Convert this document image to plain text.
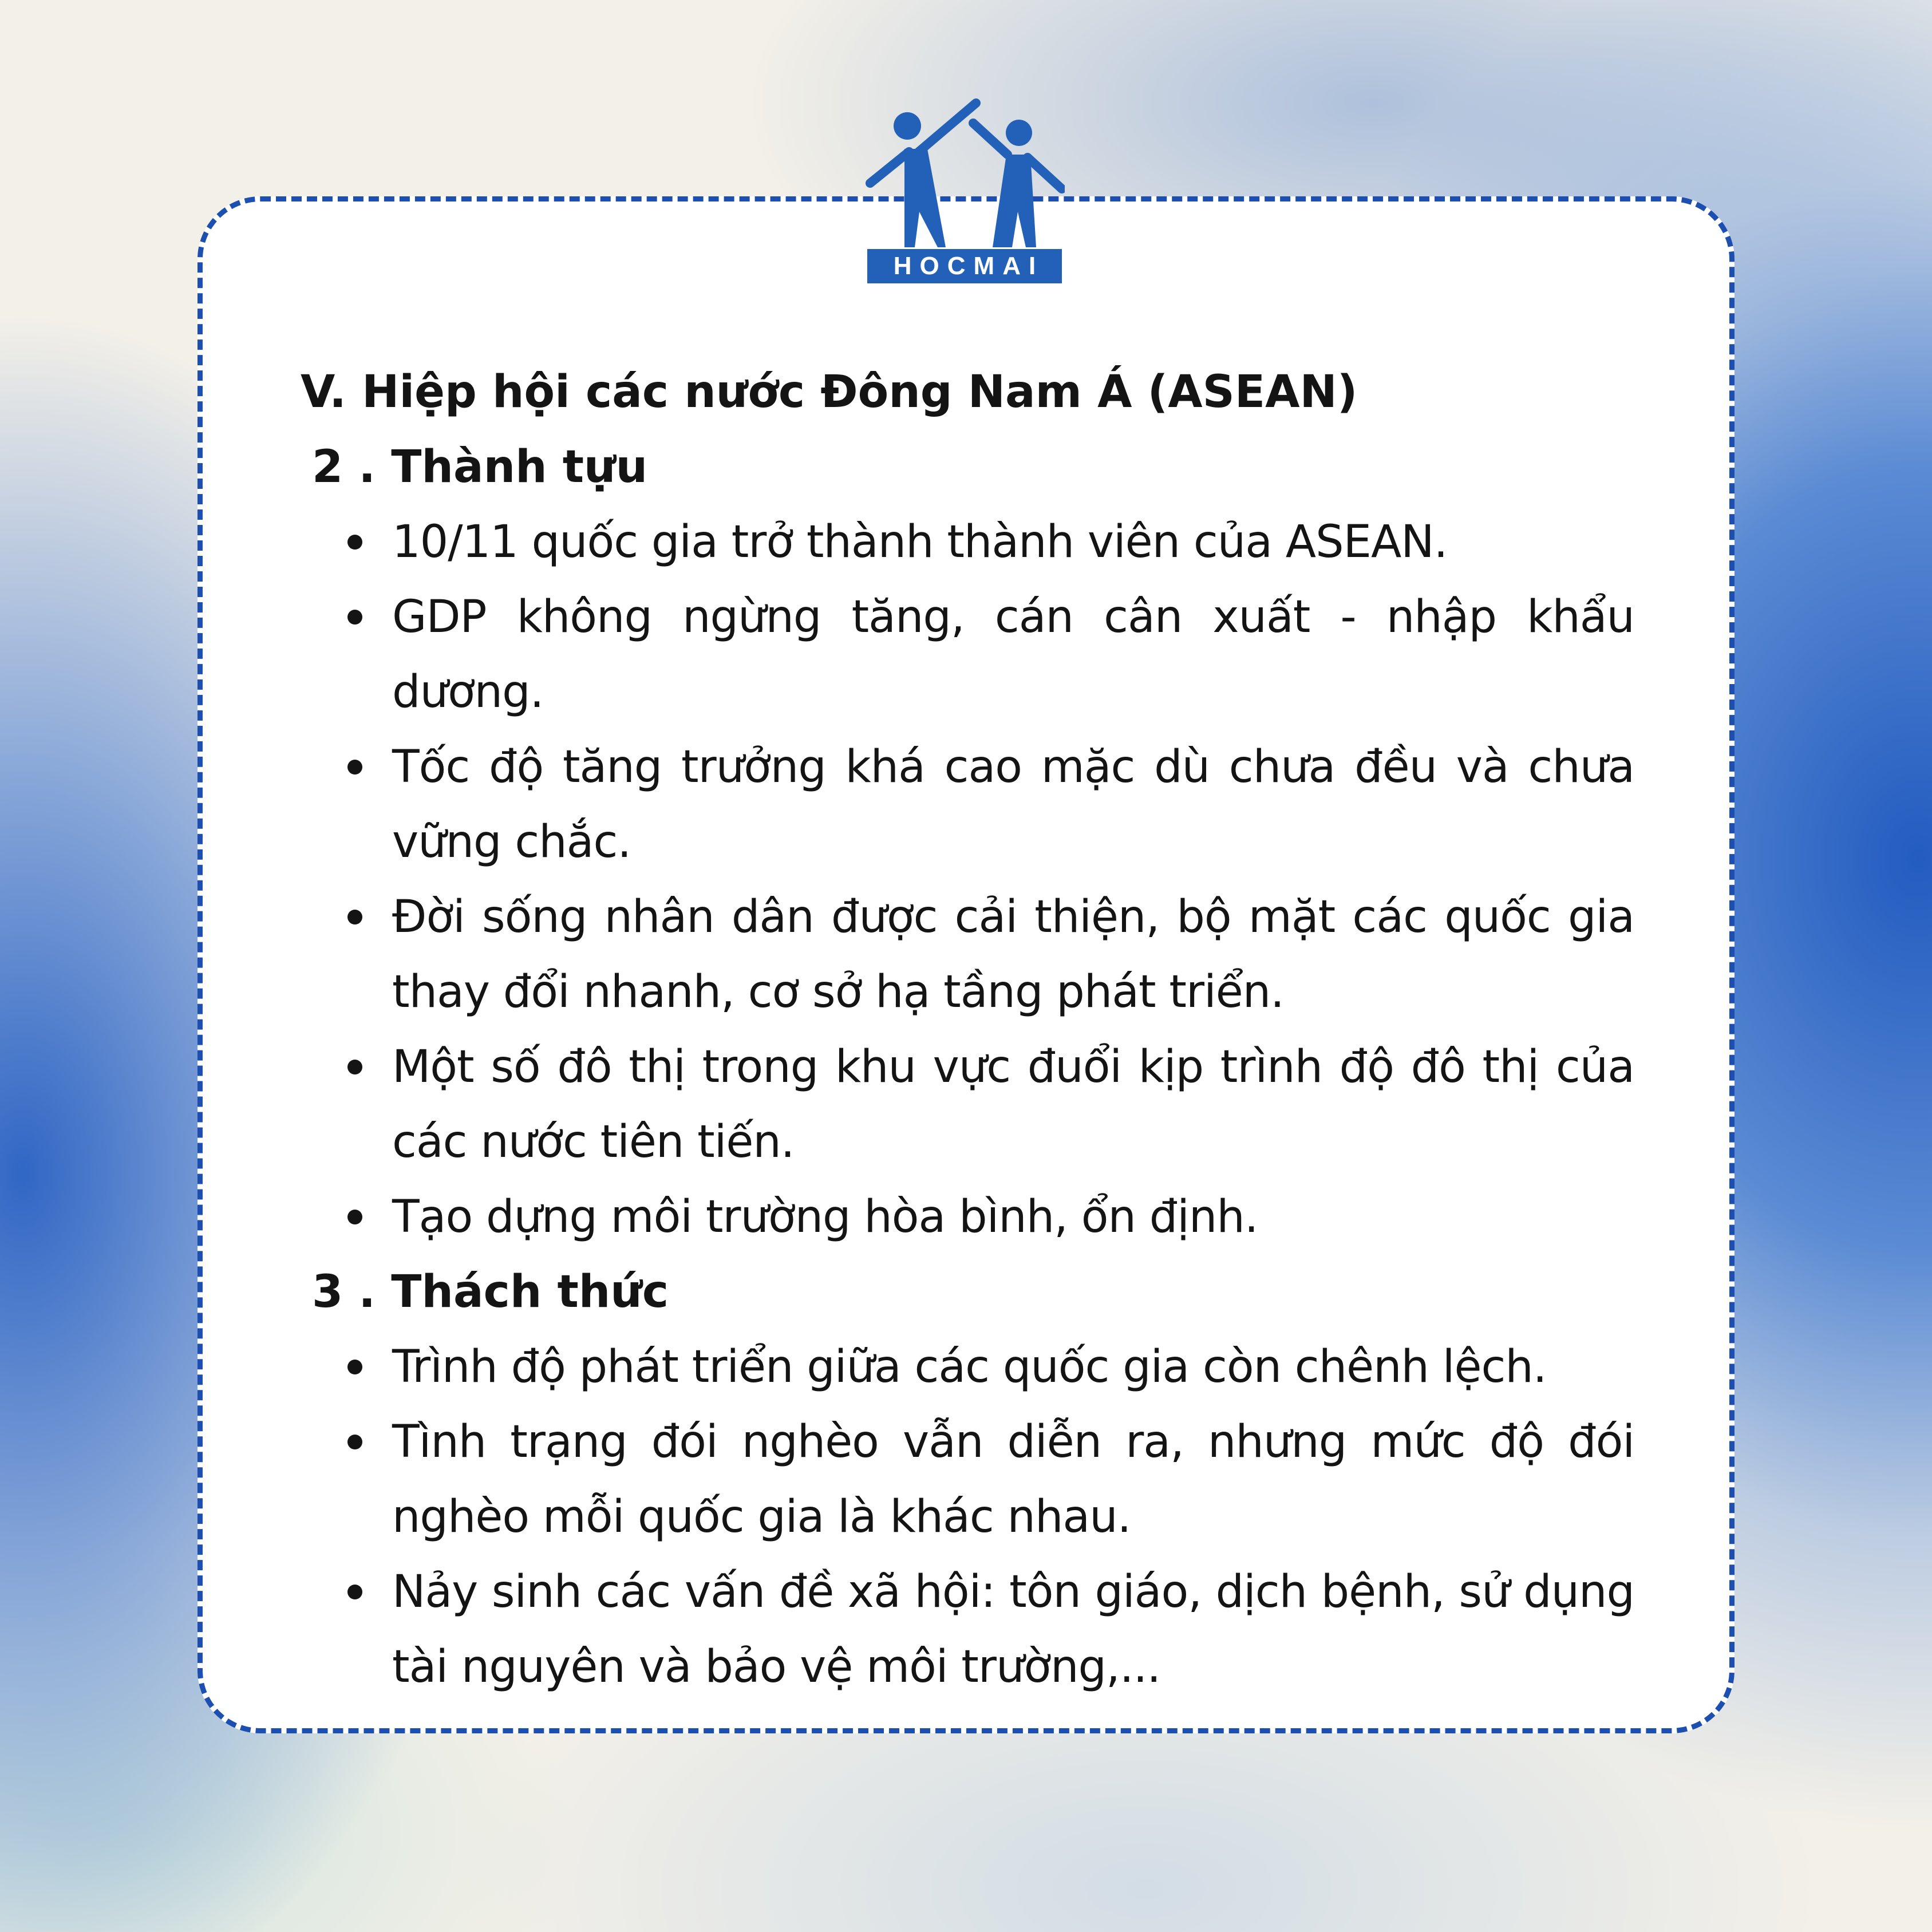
HOCMAI
V. Hiệp hội các nước Đông Nam Á (ASEAN)
2 . Thành tựu
10/11 quốc gia trở thành thành viên của ASEAN.
GDP không ngừng tăng, cán cân xuất - nhập khẩu dương.
Tốc độ tăng trưởng khá cao mặc dù chưa đều và chưa vững chắc.
Đời sống nhân dân được cải thiện, bộ mặt các quốc gia thay đổi nhanh, cơ sở hạ tầng phát triển.
Một số đô thị trong khu vực đuổi kịp trình độ đô thị của các nước tiên tiến.
Tạo dựng môi trường hòa bình, ổn định.
3 . Thách thức
Trình độ phát triển giữa các quốc gia còn chênh lệch.
Tình trạng đói nghèo vẫn diễn ra, nhưng mức độ đói nghèo mỗi quốc gia là khác nhau.
Nảy sinh các vấn đề xã hội: tôn giáo, dịch bệnh, sử dụng tài nguyên và bảo vệ môi trường,...
